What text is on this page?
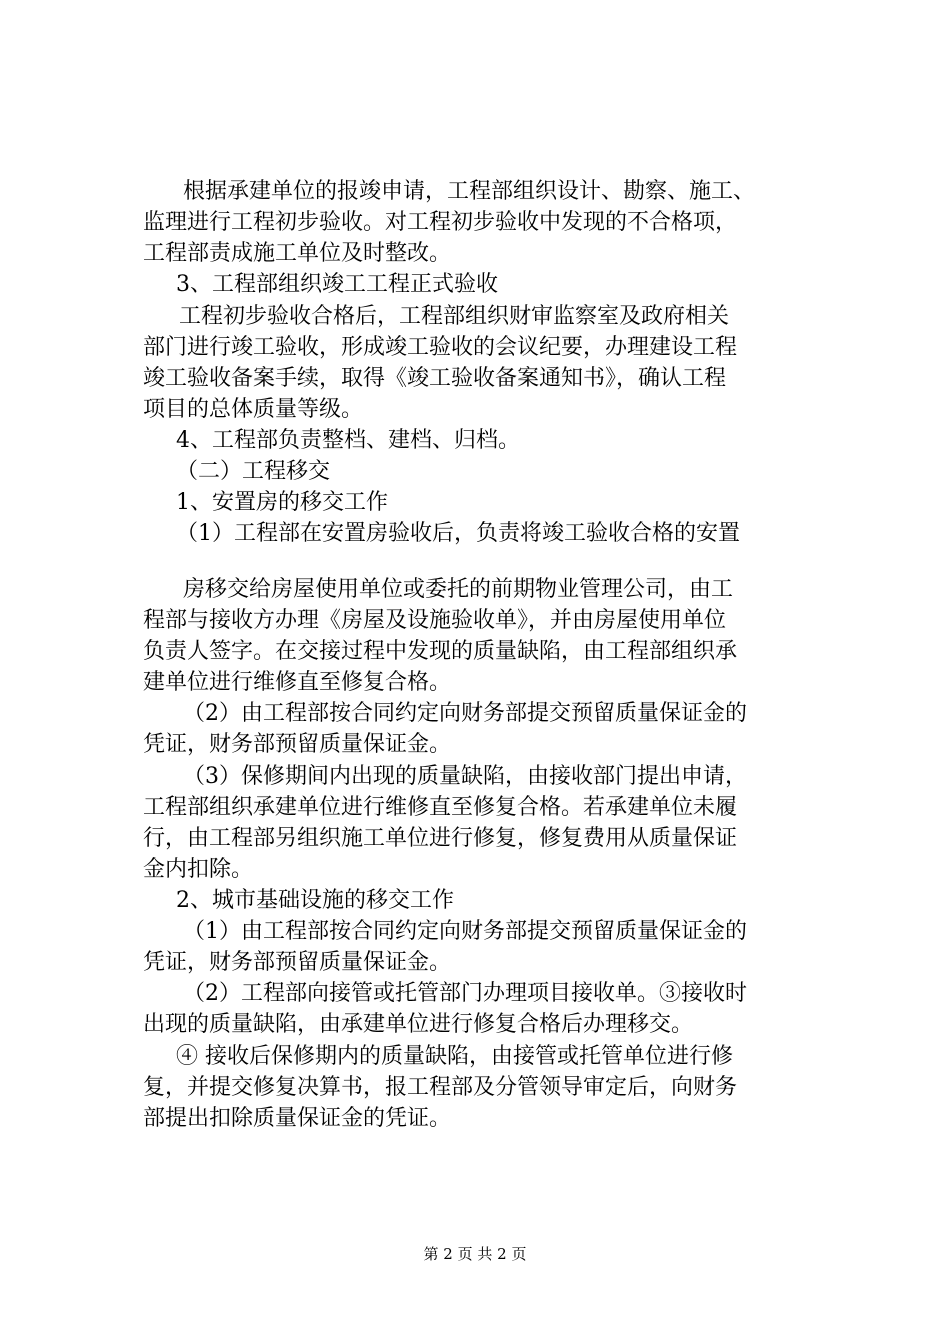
根据承建单位的报竣申请，工程部组织设计、勘察、施工、
监理进行工程初步验收。对工程初步验收中发现的不合格项，
工程部责成施工单位及时整改。
3、工程部组织竣工工程正式验收
工程初步验收合格后，工程部组织财审监察室及政府相关
部门进行竣工验收，形成竣工验收的会议纪要，办理建设工程
竣工验收备案手续，取得《竣工验收备案通知书》，确认工程
项目的总体质量等级。
4、工程部负责整档、建档、归档。
（二）工程移交
1、安置房的移交工作
（1）工程部在安置房验收后，负责将竣工验收合格的安置
房移交给房屋使用单位或委托的前期物业管理公司，由工
程部与接收方办理《房屋及设施验收单》，并由房屋使用单位
负责人签字。在交接过程中发现的质量缺陷，由工程部组织承
建单位进行维修直至修复合格。
（2）由工程部按合同约定向财务部提交预留质量保证金的
凭证，财务部预留质量保证金。
（3）保修期间内出现的质量缺陷，由接收部门提出申请，
工程部组织承建单位进行维修直至修复合格。若承建单位未履
行，由工程部另组织施工单位进行修复，修复费用从质量保证
金内扣除。
2、城市基础设施的移交工作
（1）由工程部按合同约定向财务部提交预留质量保证金的
凭证，财务部预留质量保证金。
（2）工程部向接管或托管部门办理项目接收单。③接收时
出现的质量缺陷，由承建单位进行修复合格后办理移交。
④ 接收后保修期内的质量缺陷，由接管或托管单位进行修
复，并提交修复决算书，报工程部及分管领导审定后，向财务
部提出扣除质量保证金的凭证。
第 2 页 共 2 页
